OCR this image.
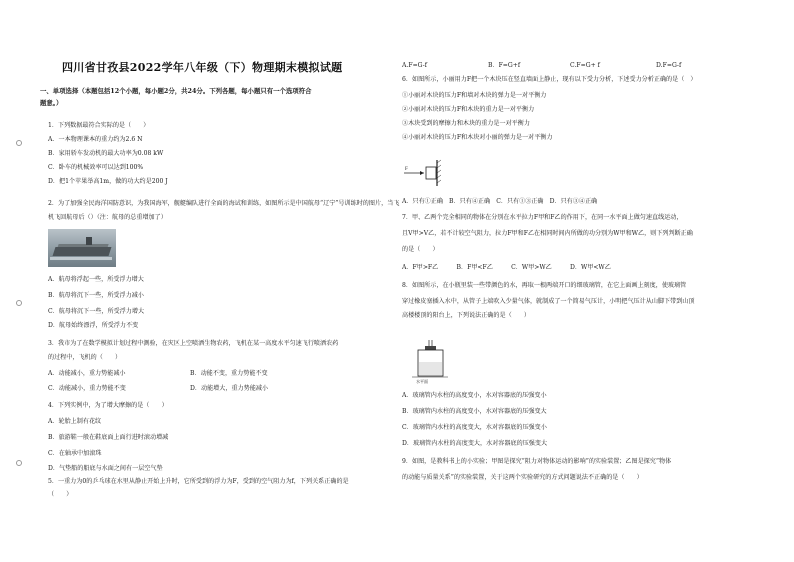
四川省甘孜县2022学年八年级（下）物理期末模拟试题
一、单项选择（本题包括12个小题，每小题2分，共24分。下列各题，每小题只有一个选项符合
题意。）
1．下列数据最符合实际的是（　　）
A．一本物理课本的重力约为2.6 N
B．家用轿车发动机的最大功率为0.08 kW
C．卧车的机械效率可以达到100%
D．把1个苹果举高1m，做的功大约是200 J
2．为了加强全民海洋国防意识，为我国海军，舰艇编队进行全面的海试和训练，如图所示是中国航母“辽宁”号训练时的图片，当飞
机飞回航母后（）（注：航母的总重增加了）
A．航母将浮起一些，所受浮力增大
B．航母将沉下一些，所受浮力减小
C．航母将沉下一些，所受浮力增大
D．航母始终漂浮，所受浮力不变
3．我市为了在数学模拟计划过程中测验，在灾区上空喷洒生物农药，飞机在某一高度水平匀速飞行喷洒农药
的过程中，飞机的（　　）
A．动能减小，重力势能减小	B．动能不变，重力势能不变
C．动能减小，重力势能不变	D．动能增大，重力势能减小
4．下列实例中，为了增大摩擦的是（　　）
A．轮胎上制有花纹
B．旅游鞋一般在鞋底面上面行进时滚动增减
C．在轴承中加滚珠
D．气垫船的船底与水面之间有一层空气垫
5．一重力为0的乒乓球在水里从静止开始上升时，它所受到的浮力为F，受到的空气阻力为f，下列关系正确的是
（　　）
A.F=G-f	B．F=G+f	C.F=G+ f	D.F=G-f
6．如图所示，小丽用力F把一个木块压在竖直墙面上静止，现有以下受力分析，下述受力分析正确的是（　）
①小丽对木块的压力F和墙对木块的弹力是一对平衡力
②小丽对木块的压力F和木块的重力是一对平衡力
③木块受到的摩擦力和木块的重力是一对平衡力
④小丽对木块的压力F和木块对小丽的弹力是一对平衡力
F
A．只有①正确　B．只有④正确　C．只有①③正确　D．只有③④正确
7．甲、乙两个完全相同的物体在分别在水平拉力F甲和F乙的作用下，在同一水平面上做匀速直线运动，
且V甲>V乙，若不计较空气阻力，拉力F甲和F乙在相同时间内所做的功分别为W甲和W乙，则下列判断正确
的是（　　）
A．F甲>F乙　　　B．F甲<F乙　　　C．W甲>W乙　　　D．W甲<W乙
8．如图所示，在小瓶里装一些带颜色的水，再取一根两端开口的细玻璃管，在它上面画上刻度，使玻璃管
穿过橡皮塞插入水中，从管子上端吹入少量气体，就制成了一个简易气压计，小明把气压计从山脚下带到山顶
高楼楼顶的阳台上，下列说法正确的是（　　）
水平面
A．玻璃管内水柱的高度变小，水对容器底的压强变小
B．玻璃管内水柱的高度变小，水对容器底的压强变大
C．玻璃管内水柱的高度变大，水对容器底的压强变小
D．玻璃管内水柱的高度变大，水对容器底的压强变大
9．如图，是教科书上的小实验；甲图是探究“阻力对物体运动的影响”的实验装置；乙图是探究“物体
的动能与质量关系”的实验装置，关于这两个实验研究的方式问题说法不正确的是（　　）
